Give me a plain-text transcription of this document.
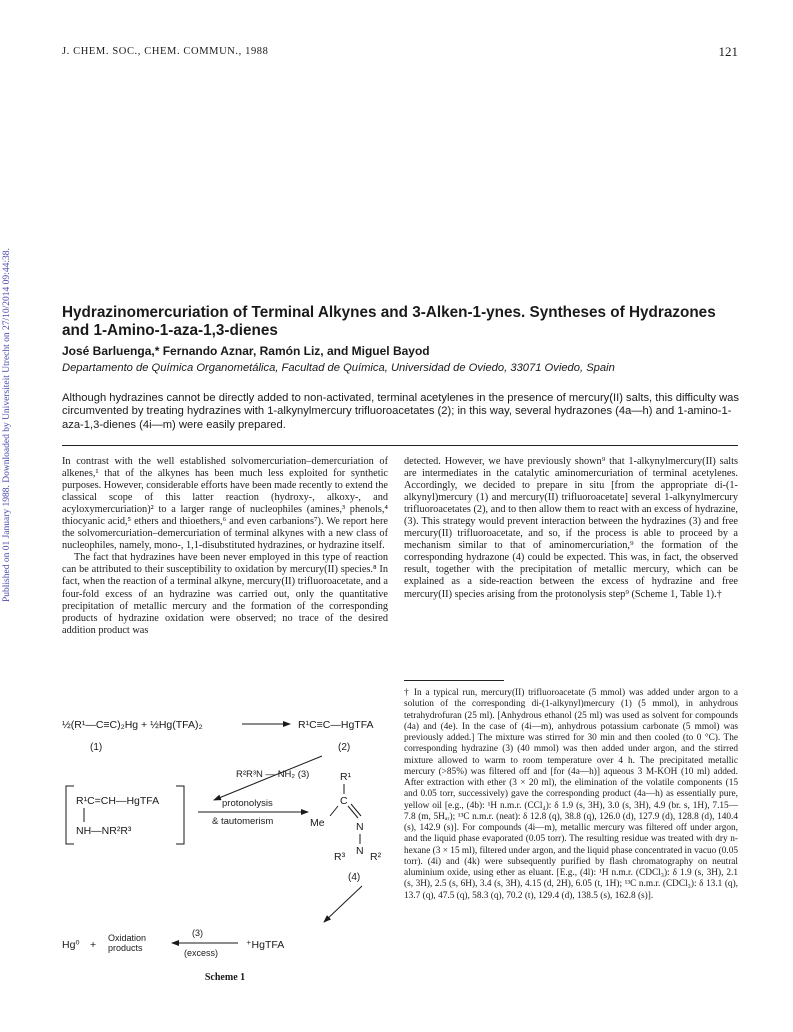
Published on 01 January 1988. Downloaded by Universiteit Utrecht on 27/10/2014 09:44:38.
J. CHEM. SOC., CHEM. COMMUN., 1988	121
Hydrazinomercuriation of Terminal Alkynes and 3-Alken-1-ynes. Syntheses of Hydrazones and 1-Amino-1-aza-1,3-dienes
José Barluenga,* Fernando Aznar, Ramón Liz, and Miguel Bayod
Departamento de Química Organometálica, Facultad de Química, Universidad de Oviedo, 33071 Oviedo, Spain
Although hydrazines cannot be directly added to non-activated, terminal acetylenes in the presence of mercury(II) salts, this difficulty was circumvented by treating hydrazines with 1-alkynylmercury trifluoroacetates (2); in this way, several hydrazones (4a—h) and 1-amino-1-aza-1,3-dienes (4i—m) were easily prepared.

In contrast with the well established solvomercuriation–demercuriation of alkenes,¹ that of the alkynes has been much less exploited for synthetic purposes. However, considerable efforts have been made recently to extend the classical scope of this latter reaction (hydroxy-, alkoxy-, and acyloxymercuriation)² to a larger range of nucleophiles (amines,³ phenols,⁴ thiocyanic acid,⁵ ethers and thioethers,⁶ and even carbanions⁷). We report here the solvomercuriation–demercuriation of terminal alkynes with a new class of nucleophiles, namely, mono-, 1,1-disubstituted hydrazines, or hydrazine itself.

The fact that hydrazines have been never employed in this type of reaction can be attributed to their susceptibility to oxidation by mercury(II) species.⁸ In fact, when the reaction of a terminal alkyne, mercury(II) trifluoroacetate, and a four-fold excess of an hydrazine was carried out, only the quantitative precipitation of metallic mercury and the formation of the corresponding products of hydrazine oxidation were observed; no trace of the desired addition product was

detected. However, we have previously shown⁹ that 1-alkynylmercury(II) salts are intermediates in the catalytic aminomercuriation of terminal acetylenes. Accordingly, we decided to prepare in situ [from the appropriate di-(1-alkynyl)mercury (1) and mercury(II) trifluoroacetate] several 1-alkynylmercury trifluoroacetates (2), and to then allow them to react with an excess of hydrazine, (3). This strategy would prevent interaction between the hydrazines (3) and free mercury(II) trifluoroacetate, and so, if the process is able to proceed by a mechanism similar to that of aminomercuriation,⁹ the formation of the corresponding hydrazone (4) could be expected. This was, in fact, the observed result, together with the precipitation of metallic mercury, which can be explained as a side-reaction between the excess of hydrazine and free mercury(II) species arising from the protonolysis step⁹ (Scheme 1, Table 1).†

† In a typical run, mercury(II) trifluoroacetate (5 mmol) was added under argon to a solution of the corresponding di-(1-alkynyl)mercury (1) (5 mmol), in anhydrous tetrahydrofuran (25 ml). [Anhydrous ethanol (25 ml) was used as solvent for compounds (4a) and (4e). In the case of (4i—m), anhydrous potassium carbonate (5 mmol) was previously added.] The mixture was stirred for 30 min and then cooled (to 0 °C). The corresponding hydrazine (3) (40 mmol) was then added under argon, and the stirred mixture allowed to warm to room temperature over 4 h. The precipitated metallic mercury (>85%) was filtered off and [for (4a—h)] aqueous 3 M-KOH (10 ml) added. After extraction with ether (3 × 20 ml), the elimination of the volatile components (15 and 0.05 torr, successively) gave the corresponding product (4a—h) as essentially pure, yellow oil [e.g., (4b): ¹H n.m.r. (CCl₄): δ 1.9 (s, 3H), 3.0 (s, 3H), 4.9 (br. s, 1H), 7.15—7.8 (m, 5Hₐᵣ); ¹³C n.m.r. (neat): δ 12.8 (q), 38.8 (q), 126.0 (d), 127.9 (d), 128.8 (d), 140.4 (s), 142.9 (s)]. For compounds (4i—m), metallic mercury was filtered off under argon, and the liquid phase evaporated (0.05 torr). The resulting residue was treated with dry n-hexane (3 × 15 ml), filtered under argon, and the liquid phase concentrated in vacuo (0.05 torr). (4i) and (4k) were subsequently purified by flash chromatography on neutral aluminium oxide, using ether as eluant. [E.g., (4l): ¹H n.m.r. (CDCl₃): δ 1.9 (s, 3H), 2.1 (s, 3H), 2.5 (s, 6H), 3.4 (s, 3H), 4.15 (d, 2H), 6.05 (t, 1H); ¹³C n.m.r. (CDCl₃): δ 13.1 (q), 13.7 (q), 47.5 (q), 58.3 (q), 70.2 (t), 129.4 (d), 138.5 (s), 162.8 (s)].
½(R¹—C≡C)₂Hg + ½Hg(TFA)₂	R¹C≡C—HgTFA
(1)	(2)
R²R³N — NH₂ (3)
R¹C=CH—HgTFA
NH—NR²R³
protonolysis
& tautomerism
R¹
C
Me	N
N
R³ R²
(4)
Hg⁰ +
Oxidation
products
(3)
(excess)
⁺HgTFA
Scheme 1
